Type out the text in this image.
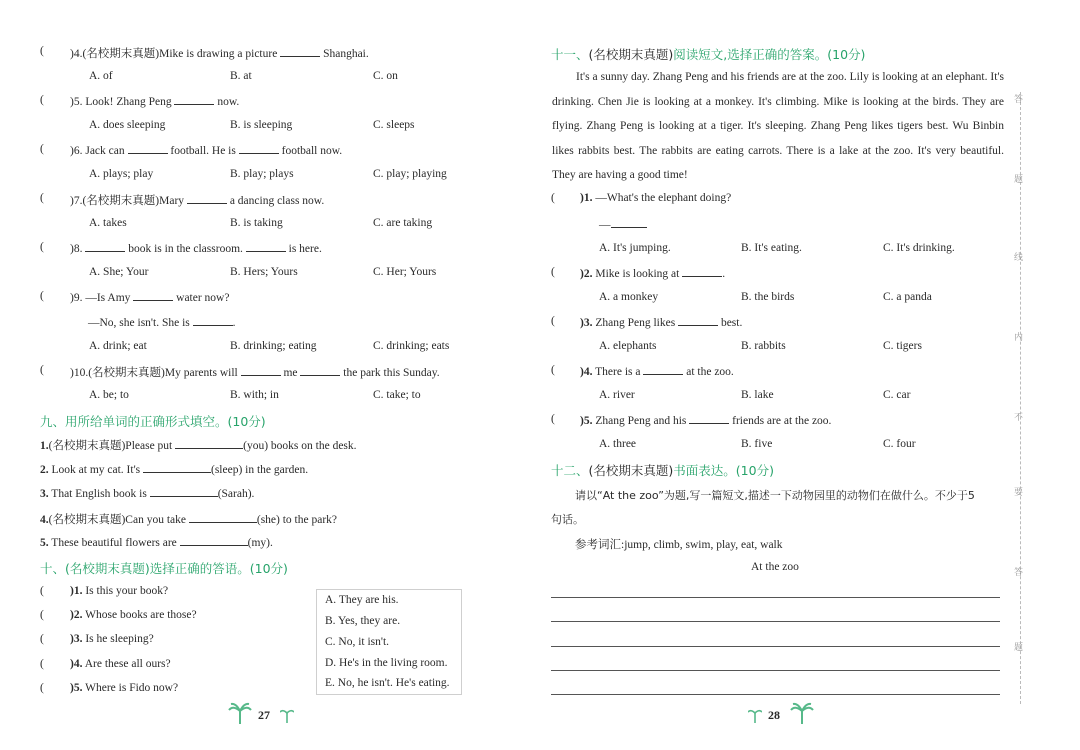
( )4.(名校期末真题)Mike is drawing a picture	Shanghai.
A. of	B. at	C. on
( )5. Look! Zhang Peng	now.
A. does sleeping	B. is sleeping	C. sleeps
( )6. Jack can	football. He is	football now.
A. plays; play	B. play; plays	C. play; playing
( )7.(名校期末真题)Mary	a dancing class now.
A. takes	B. is taking	C. are taking
( )8.	book is in the classroom.	is here.
A. She; Your	B. Hers; Yours	C. Her; Yours
( )9. —Is Amy	water now?
—No, she isn't. She is	.
A. drink; eat	B. drinking; eating	C. drinking; eats
( )10.(名校期末真题)My parents will	me	the park this Sunday.
A. be; to	B. with; in	C. take; to
九、用所给单词的正确形式填空。(10分)
1.(名校期末真题)Please put	(you) books on the desk.
2. Look at my cat. It's	(sleep) in the garden.
3. That English book is	(Sarah).
4.(名校期末真题)Can you take	(she) to the park?
5. These beautiful flowers are	(my).
十、(名校期末真题)选择正确的答语。(10分)
( )1. Is this your book?
( )2. Whose books are those?
( )3. Is he sleeping?
( )4. Are these all ours?
( )5. Where is Fido now?
A. They are his.
B. Yes, they are.
C. No, it isn't.
D. He's in the living room.
E. No, he isn't. He's eating.
27
十一、(名校期末真题)阅读短文,选择正确的答案。(10分)
It's a sunny day. Zhang Peng and his friends are at the zoo. Lily is looking at an elephant. It's drinking. Chen Jie is looking at a monkey. It's climbing. Mike is looking at the birds. They are flying. Zhang Peng is looking at a tiger. It's sleeping. Zhang Peng likes tigers best. Wu Binbin likes rabbits best. The rabbits are eating carrots. There is a lake at the zoo. It's very beautiful. They are having a good time!
( )1. —What's the elephant doing?
—
A. It's jumping.	B. It's eating.	C. It's drinking.
( )2. Mike is looking at	.
A. a monkey	B. the birds	C. a panda
( )3. Zhang Peng likes	best.
A. elephants	B. rabbits	C. tigers
( )4. There is a	at the zoo.
A. river	B. lake	C. car
( )5. Zhang Peng and his	friends are at the zoo.
A. three	B. five	C. four
十二、(名校期末真题)书面表达。(10分)
请以“At the zoo”为题,写一篇短文,描述一下动物园里的动物们在做什么。不少于5
句话。
参考词汇:jump, climb, swim, play, eat, walk
At the zoo
答
题
线
内
不
要
答
题
28
